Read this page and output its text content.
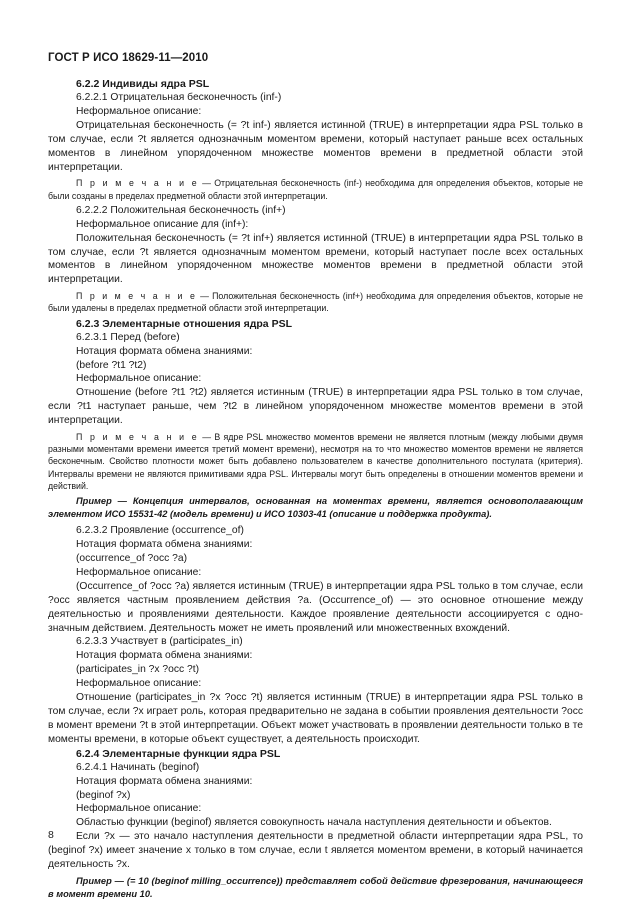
ГОСТ Р ИСО 18629-11—2010

6.2.2 Индивиды ядра PSL

6.2.2.1 Отрицательная бесконечность (inf-)

Неформальное описание:

Отрицательная бесконечность (= ?t inf-) является истинной (TRUE) в интерпретации ядра PSL только в том случае, если ?t является однозначным моментом времени, который наступает раньше всех остальных моментов в линейном упорядоченном множестве моментов времени в предметной области этой интерпретации.

П р и м е ч а н и е — Отрицательная бесконечность (inf-) необходима для определения объектов, которые не были созданы в пределах предметной области этой интерпретации.

6.2.2.2 Положительная бесконечность (inf+)

Неформальное описание для (inf+):

Положительная бесконечность (= ?t inf+) является истинной (TRUE) в интерпретации ядра PSL только в том случае, если ?t является однозначным моментом времени, который наступает после всех остальных моментов в линейном упорядоченном множестве моментов времени в предметной области этой интерпретации.

П р и м е ч а н и е — Положительная бесконечность (inf+) необходима для определения объектов, которые не были удалены в пределах предметной области этой интерпретации.

6.2.3 Элементарные отношения ядра PSL

6.2.3.1 Перед (before)

Нотация формата обмена знаниями:

(before ?t1 ?t2)

Неформальное описание:

Отношение (before ?t1 ?t2) является истинным (TRUE) в интерпретации ядра PSL только в том случае, если ?t1 наступает раньше, чем ?t2 в линейном упорядоченном множестве моментов времени в этой интерпретации.

П р и м е ч а н и е — В ядре PSL множество моментов времени не является плотным (между любыми двумя разными моментами времени имеется третий момент времени), несмотря на то что множество моментов времени не является бесконечным. Свойство плотности может быть добавлено пользователем в качестве дополнительного постулата (критерия). Интервалы времени не являются примитивами ядра PSL. Интервалы могут быть определены в отношении моментов времени и действий.

Пример — Концепция интервалов, основанная на моментах времени, является основополагающим элементом ИСО 15531-42 (модель времени) и ИСО 10303-41 (описание и поддержка продукта).

6.2.3.2 Проявление (occurrence_of)

Нотация формата обмена знаниями:

(occurrence_of ?occ ?a)

Неформальное описание:

(Occurrence_of ?occ ?a) является истинным (TRUE) в интерпретации ядра PSL только в том случае, если ?occ является частным проявлением действия ?a. (Occurrence_of) — это основное отношение между деятельностью и проявлениями деятельности. Каждое проявление деятельности ассоциируется с одно-значным действием. Деятельность может не иметь проявлений или множественных вхождений.

6.2.3.3 Участвует в (participates_in)

Нотация формата обмена знаниями:

(participates_in ?x ?occ ?t)

Неформальное описание:

Отношение (participates_in ?x ?occ ?t) является истинным (TRUE) в интерпретации ядра PSL только в том случае, если ?x играет роль, которая предварительно не задана в событии проявления деятельности ?occ в момент времени ?t в этой интерпретации. Объект может участвовать в проявлении деятельности только в те моменты времени, в которые объект существует, а деятельность происходит.

6.2.4 Элементарные функции ядра PSL

6.2.4.1 Начинать (beginof)

Нотация формата обмена знаниями:

(beginof ?x)

Неформальное описание:

Областью функции (beginof) является совокупность начала наступления деятельности и объектов.

Если ?x — это начало наступления деятельности в предметной области интерпретации ядра PSL, то (beginof ?x) имеет значение x только в том случае, если t является моментом времени, в который начинается деятельность ?x.

Пример — (= 10 (beginof milling_occurrence)) представляет собой действие фрезерования, начинающееся в момент времени 10.

8
